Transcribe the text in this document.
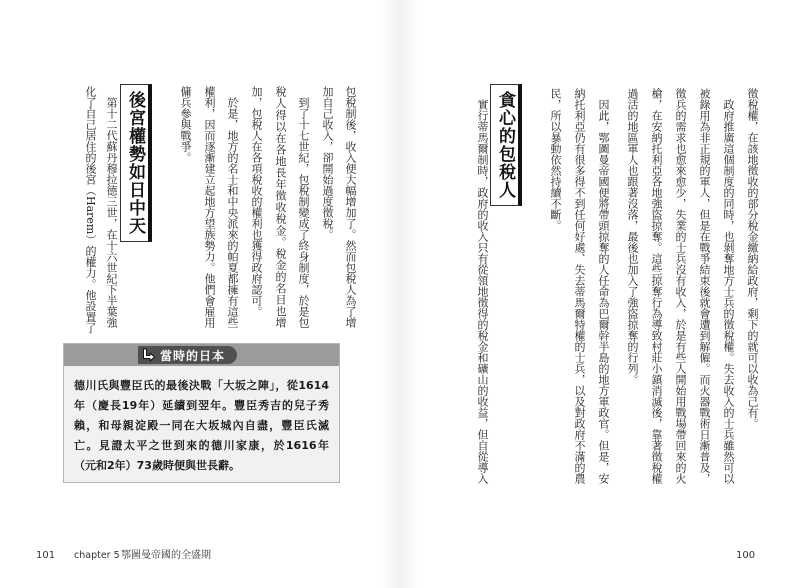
包稅制後，收入便大幅增加了。然而包稅人為了增
加自己收入，卻開始過度徵稅。
　到了十七世紀，包稅制變成了終身制度，於是包
稅人得以在各地長年徵收稅金。稅金的名目也增
加，包稅人在各項稅收的權利也獲得政府認可。
　於是，地方的名士和中央派來的帕夏都擁有這些
權利，因而逐漸建立起地方望族勢力。他們會雇用
傭兵參與戰爭。
後宮權勢如日中天
　第十二代蘇丹穆拉德三世，在十六世紀下半葉強
化了自己居住的後宮（Harem）的權力。他設置了
當時的日本
德川氏與豐臣氏的最後決戰「大坂之陣」，從1614
年（慶長19年）延續到翌年。豐臣秀吉的兒子秀
賴，和母親淀殿一同在大坂城內自盡，豐臣氏滅
亡。見證太平之世到來的德川家康，於1616年
（元和2年）73歲時便與世長辭。
101 chapter 5 鄂圖曼帝國的全盛期
徵稅權，在該地徵收的部分稅金繳納給政府，剩下的就可以收為己有。
　政府推廣這個制度的同時，也剝奪地方士兵的徵稅權。失去收入的士兵雖然可以
被錄用為非正規的軍人，但是在戰爭結束後就會遭到解僱。而火器戰術日漸普及，
徵兵的需求也愈來愈少，失業的士兵沒有收入，於是有些人開始用戰場帶回來的火
槍，在安納托利亞各地強盜掠奪。這些掠奪行為導致村莊小鎮消滅後，靠著徵稅權
過活的地區軍人也跟著沒落，最後也加入了強盜掠奪的行列。
　因此，鄂圖曼帝國便將帶頭掠奪的人任命為巴爾幹半島的地方軍政官。但是，安
納托利亞仍有很多得不到任何好處、失去蒂馬爾特權的士兵，以及對政府不滿的農
民，所以暴動依然持續不斷。
貪心的包稅人
　實行蒂馬爾制時，政府的收入只有從領地徵得的稅金和礦山的收益，但自從導入
100
